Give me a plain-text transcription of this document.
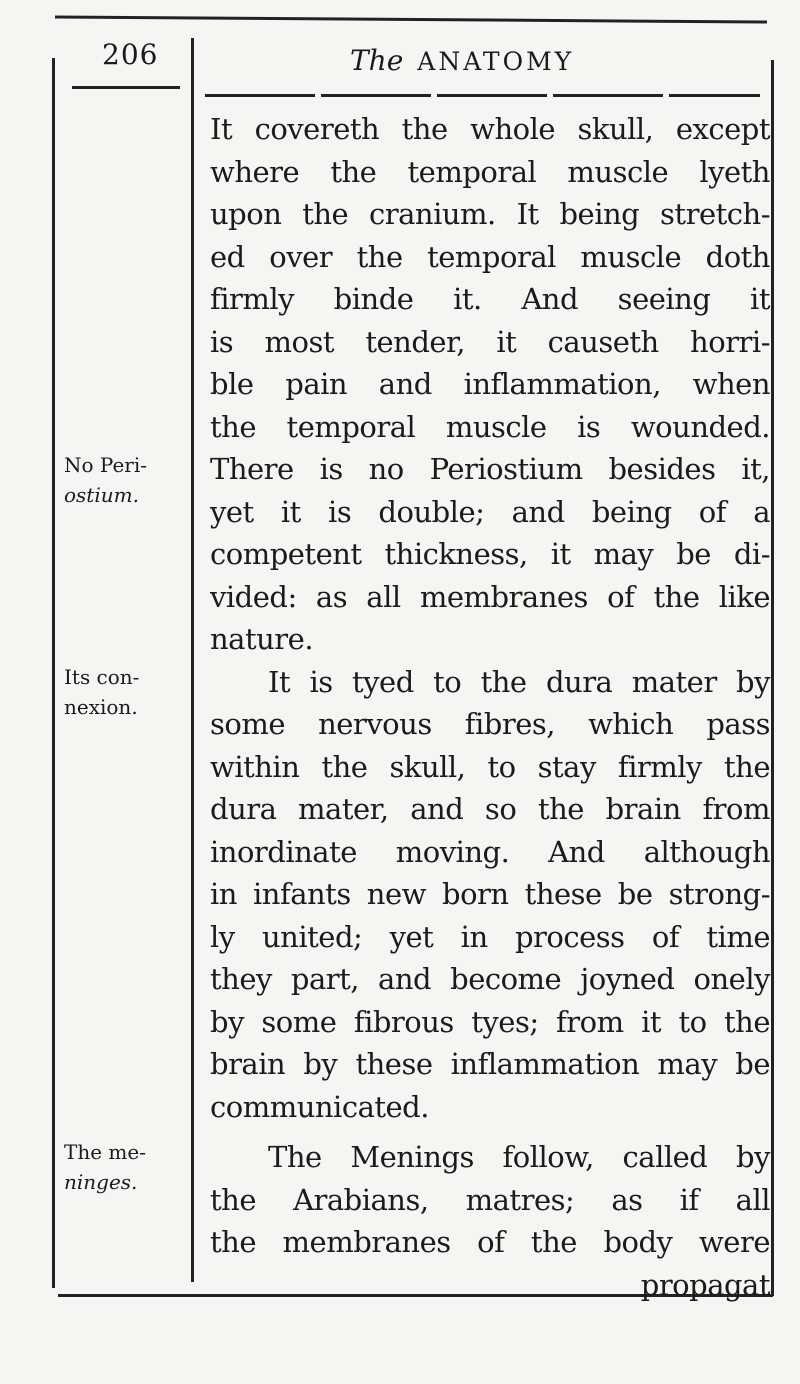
206	The ANATOMY
No Peri-
ostium.
Its con-
nexion.
The me-
ninges.
It covereth the whole skull, except
where the temporal muscle lyeth
upon the cranium. It being stretch-
ed over the temporal muscle doth
firmly binde it. And seeing it
is most tender, it causeth horri-
ble pain and inflammation, when
the temporal muscle is wounded.
There is no Periostium besides it,
yet it is double; and being of a
competent thickness, it may be di-
vided: as all membranes of the like
nature.
It is tyed to the dura mater by
some nervous fibres, which pass
within the skull, to stay firmly the
dura mater, and so the brain from
inordinate moving. And although
in infants new born these be strong-
ly united; yet in process of time
they part, and become joyned onely
by some fibrous tyes; from it to the
brain by these inflammation may be
communicated.
The Menings follow, called by
the Arabians, matres; as if all
the membranes of the body were
propagat
